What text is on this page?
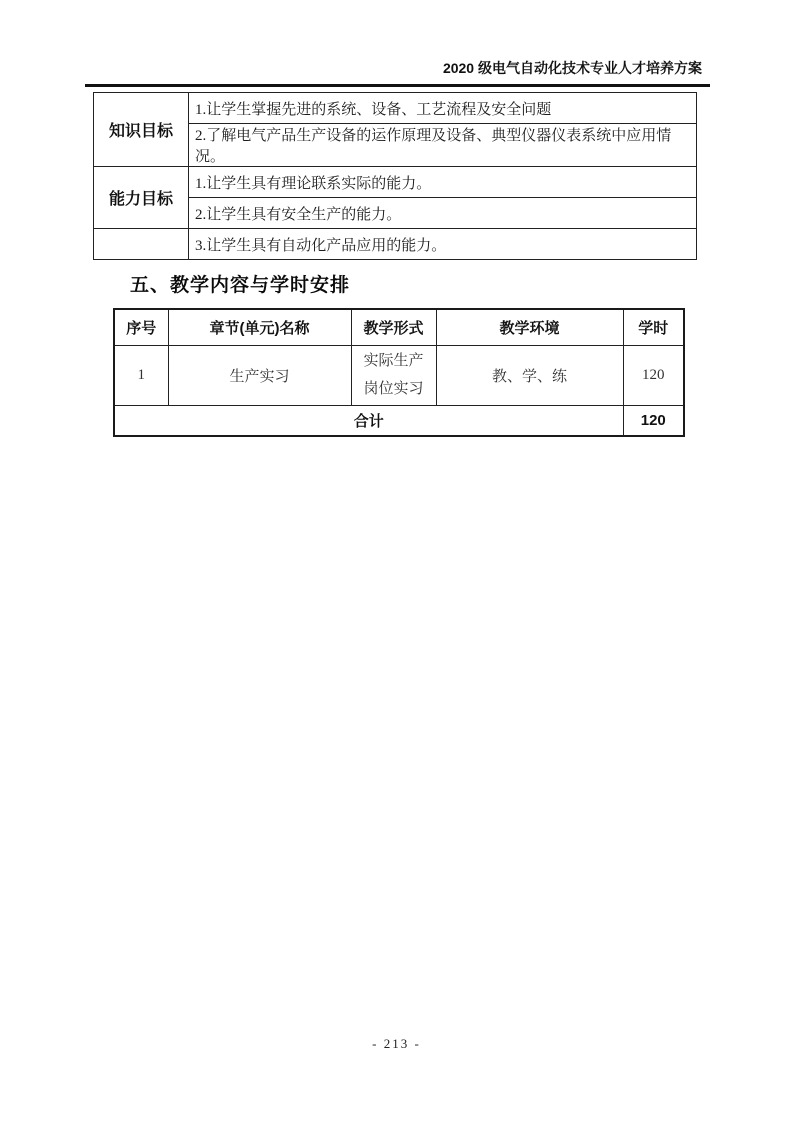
2020 级电气自动化技术专业人才培养方案
知识目标	1.让学生掌握先进的系统、设备、工艺流程及安全问题
	2.了解电气产品生产设备的运作原理及设备、典型仪器仪表系统中应用情况。
能力目标	1.让学生具有理论联系实际的能力。
	2.让学生具有安全生产的能力。
	3.让学生具有自动化产品应用的能力。
五、教学内容与学时安排
序号	章节(单元)名称	教学形式	教学环境	学时
1	生产实习	实际生产岗位实习	教、学、练	120
合计				120
- 213 -
